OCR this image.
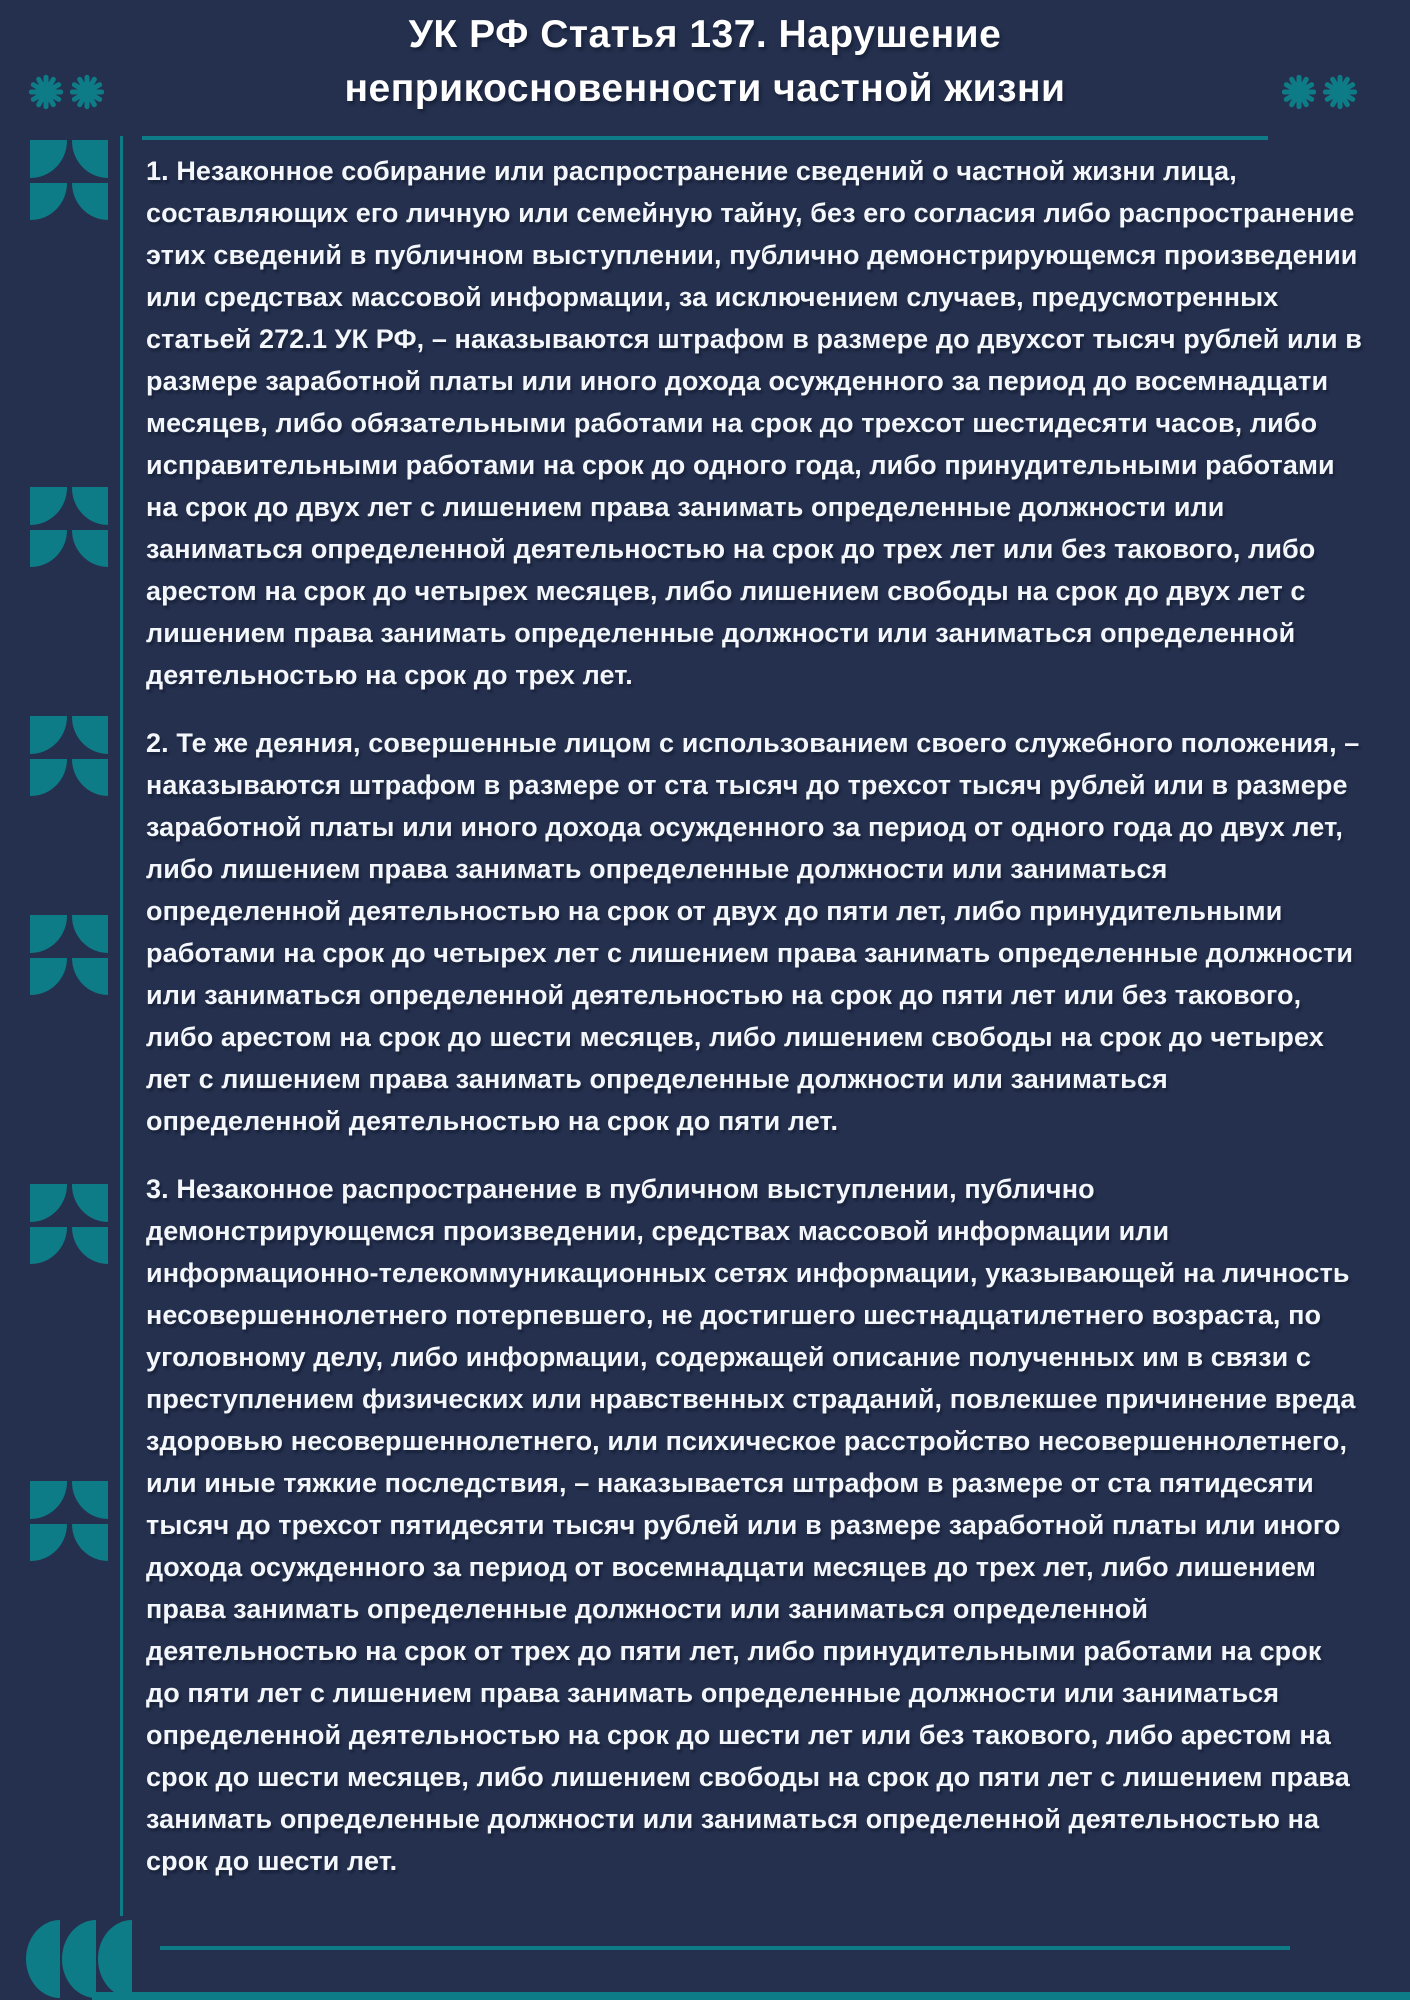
УК РФ Статья 137. Нарушение неприкосновенности частной жизни

1. Незаконное собирание или распространение сведений о частной жизни лица, составляющих его личную или семейную тайну, без его согласия либо распространение этих сведений в публичном выступлении, публично демонстрирующемся произведении или средствах массовой информации, за исключением случаев, предусмотренных статьей 272.1 УК РФ, – наказываются штрафом в размере до двухсот тысяч рублей или в размере заработной платы или иного дохода осужденного за период до восемнадцати месяцев, либо обязательными работами на срок до трехсот шестидесяти часов, либо исправительными работами на срок до одного года, либо принудительными работами на срок до двух лет с лишением права занимать определенные должности или заниматься определенной деятельностью на срок до трех лет или без такового, либо арестом на срок до четырех месяцев, либо лишением свободы на срок до двух лет с лишением права занимать определенные должности или заниматься определенной деятельностью на срок до трех лет.

2. Те же деяния, совершенные лицом с использованием своего служебного положения, – наказываются штрафом в размере от ста тысяч до трехсот тысяч рублей или в размере заработной платы или иного дохода осужденного за период от одного года до двух лет, либо лишением права занимать определенные должности или заниматься определенной деятельностью на срок от двух до пяти лет, либо принудительными работами на срок до четырех лет с лишением права занимать определенные должности или заниматься определенной деятельностью на срок до пяти лет или без такового, либо арестом на срок до шести месяцев, либо лишением свободы на срок до четырех лет с лишением права занимать определенные должности или заниматься определенной деятельностью на срок до пяти лет.

3. Незаконное распространение в публичном выступлении, публично демонстрирующемся произведении, средствах массовой информации или информационно-телекоммуникационных сетях информации, указывающей на личность несовершеннолетнего потерпевшего, не достигшего шестнадцатилетнего возраста, по уголовному делу, либо информации, содержащей описание полученных им в связи с преступлением физических или нравственных страданий, повлекшее причинение вреда здоровью несовершеннолетнего, или психическое расстройство несовершеннолетнего, или иные тяжкие последствия, – наказывается штрафом в размере от ста пятидесяти тысяч до трехсот пятидесяти тысяч рублей или в размере заработной платы или иного дохода осужденного за период от восемнадцати месяцев до трех лет, либо лишением права занимать определенные должности или заниматься определенной деятельностью на срок от трех до пяти лет, либо принудительными работами на срок до пяти лет с лишением права занимать определенные должности или заниматься определенной деятельностью на срок до шести лет или без такового, либо арестом на срок до шести месяцев, либо лишением свободы на срок до пяти лет с лишением права занимать определенные должности или заниматься определенной деятельностью на срок до шести лет.
